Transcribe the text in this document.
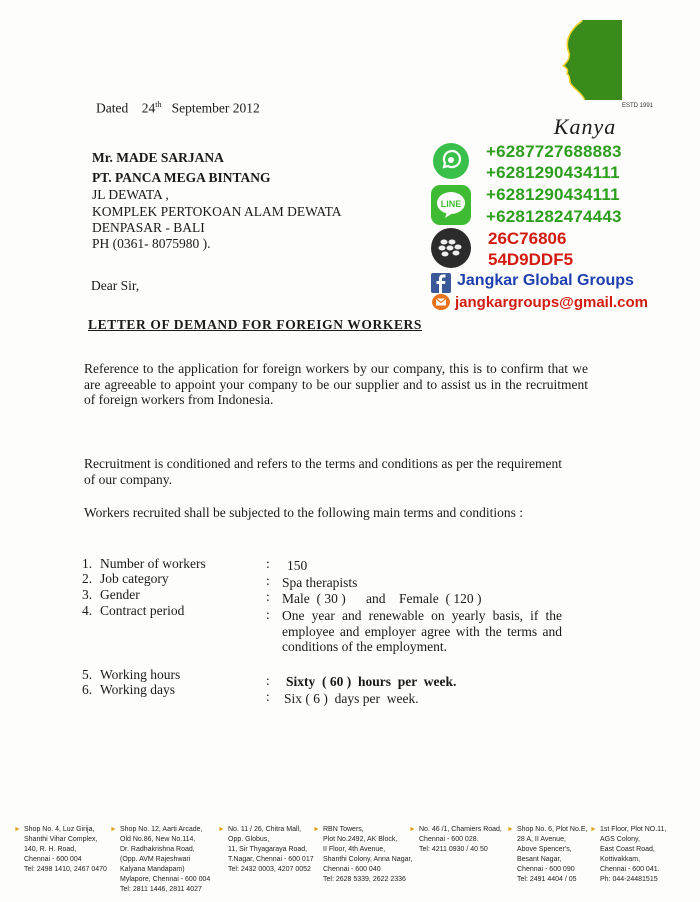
ESTD 1991
Kanya
Dated 24th September 2012
Mr. MADE SARJANA
PT. PANCA MEGA BINTANG
JL DEWATA ,
KOMPLEK PERTOKOAN ALAM DEWATA
DENPASAR - BALI
PH (0361- 8075980 ).
LINE
+6287727688883
+6281290434111
+6281290434111
+6281282474443
26C76806
54D9DDF5
Jangkar Global Groups
jangkargroups@gmail.com
Dear Sir,
LETTER OF DEMAND FOR FOREIGN WORKERS
Reference to the application for foreign workers by our company, this is to confirm that we are agreeable to appoint your company to be our supplier and to assist us in the recruitment of foreign workers from Indonesia.
Recruitment is conditioned and refers to the terms and conditions as per the requirement of our company.
Workers recruited shall be subjected to the following main terms and conditions :
1. Number of workers	: 150
2. Job category	: Spa therapists
3. Gender	: Male  ( 30 )      and    Female  ( 120 )
4. Contract period	: One year and renewable on yearly basis, if the employee and employer agree with the terms and conditions of the employment.
5. Working hours	: Sixty  ( 60 )  hours  per  week.
6. Working days	: Six ( 6 )  days per  week.
► Shop No. 4, Luz Girija,
Shanthi Vihar Complex,
140, R. H. Road,
Chennai - 600 004
Tel: 2498 1410, 2467 0470
► Shop No. 12, Aarti Arcade,
Old No.86, New No.114,
Dr. Radhakrishna Road,
(Opp. AVM Rajeshwari
Kalyana Mandapam)
Mylapore, Chennai - 600 004
Tel: 2811 1446, 2811 4027
► No. 11 / 26, Chitra Mall,
Opp. Globus,
11, Sir Thyagaraya Road,
T.Nagar, Chennai - 600 017
Tel: 2432 0003, 4207 0052
► RBN Towers,
Plot No.2492, AK Block,
II Floor, 4th Avenue,
Shanthi Colony, Anna Nagar,
Chennai - 600 040
Tel: 2628 5339, 2622 2336
► No. 46 /1, Chamiers Road,
Chennai - 600 028.
Tel: 4211 0930 / 40 50
► Shop No. 6, Plot No.E,
28 A, II Avenue,
Above Spencer's,
Besant Nagar,
Chennai - 600 090
Tel: 2491 4404 / 05
► 1st Floor, Plot NO.11,
AGS Colony,
East Coast Road,
Kottivakkam,
Chennai - 600 041.
Ph: 044-24481515
